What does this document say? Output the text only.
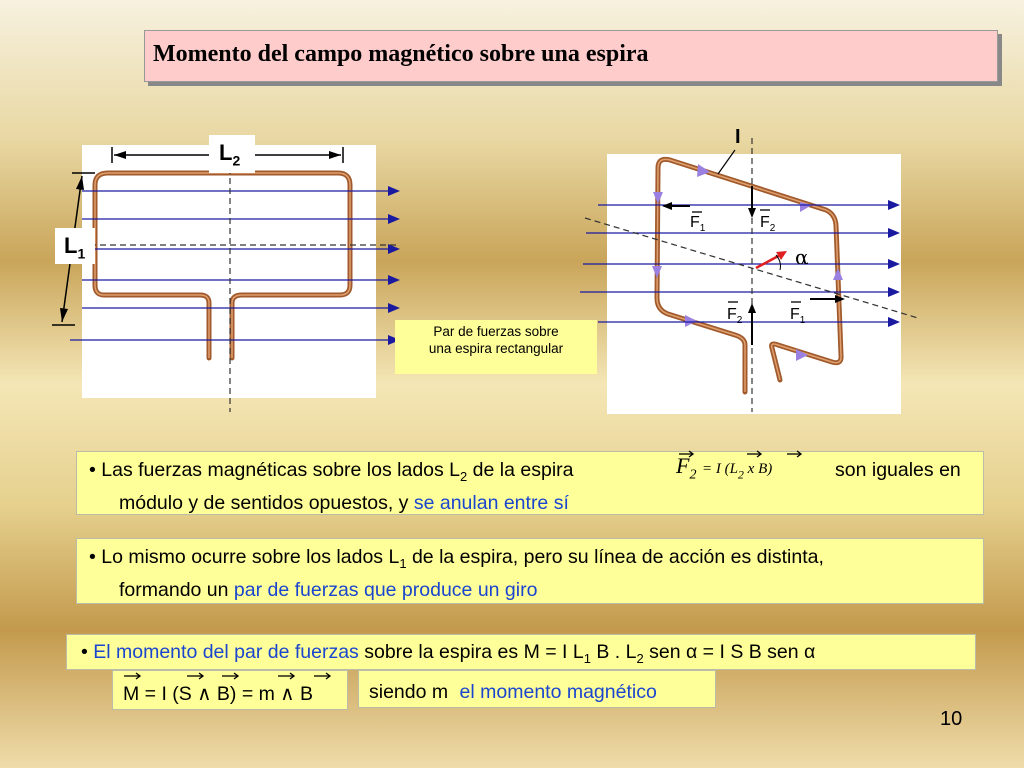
Momento del campo magnético sobre una espira
$L_2$
$L_1$
I
$F_1$	$F_2$
$F_2$	$F_1$
α
Par de fuerzas sobre
una espira rectangular
• Las fuerzas magnéticas sobre los lados $L_2$ de la espira	$F_2 = I$ ($L_2$ x B)	son iguales en
módulo y de sentidos opuestos, y se anulan entre sí
• Lo mismo ocurre sobre los lados $L_1$ de la espira, pero su línea de acción es distinta,
formando un par de fuerzas que produce un giro
• El momento del par de fuerzas sobre la espira es M = I $L_1$ B . $L_2$ sen α = I S B sen α
M = I (S ∧ B) = m ∧ B	siendo m el momento magnético
10
